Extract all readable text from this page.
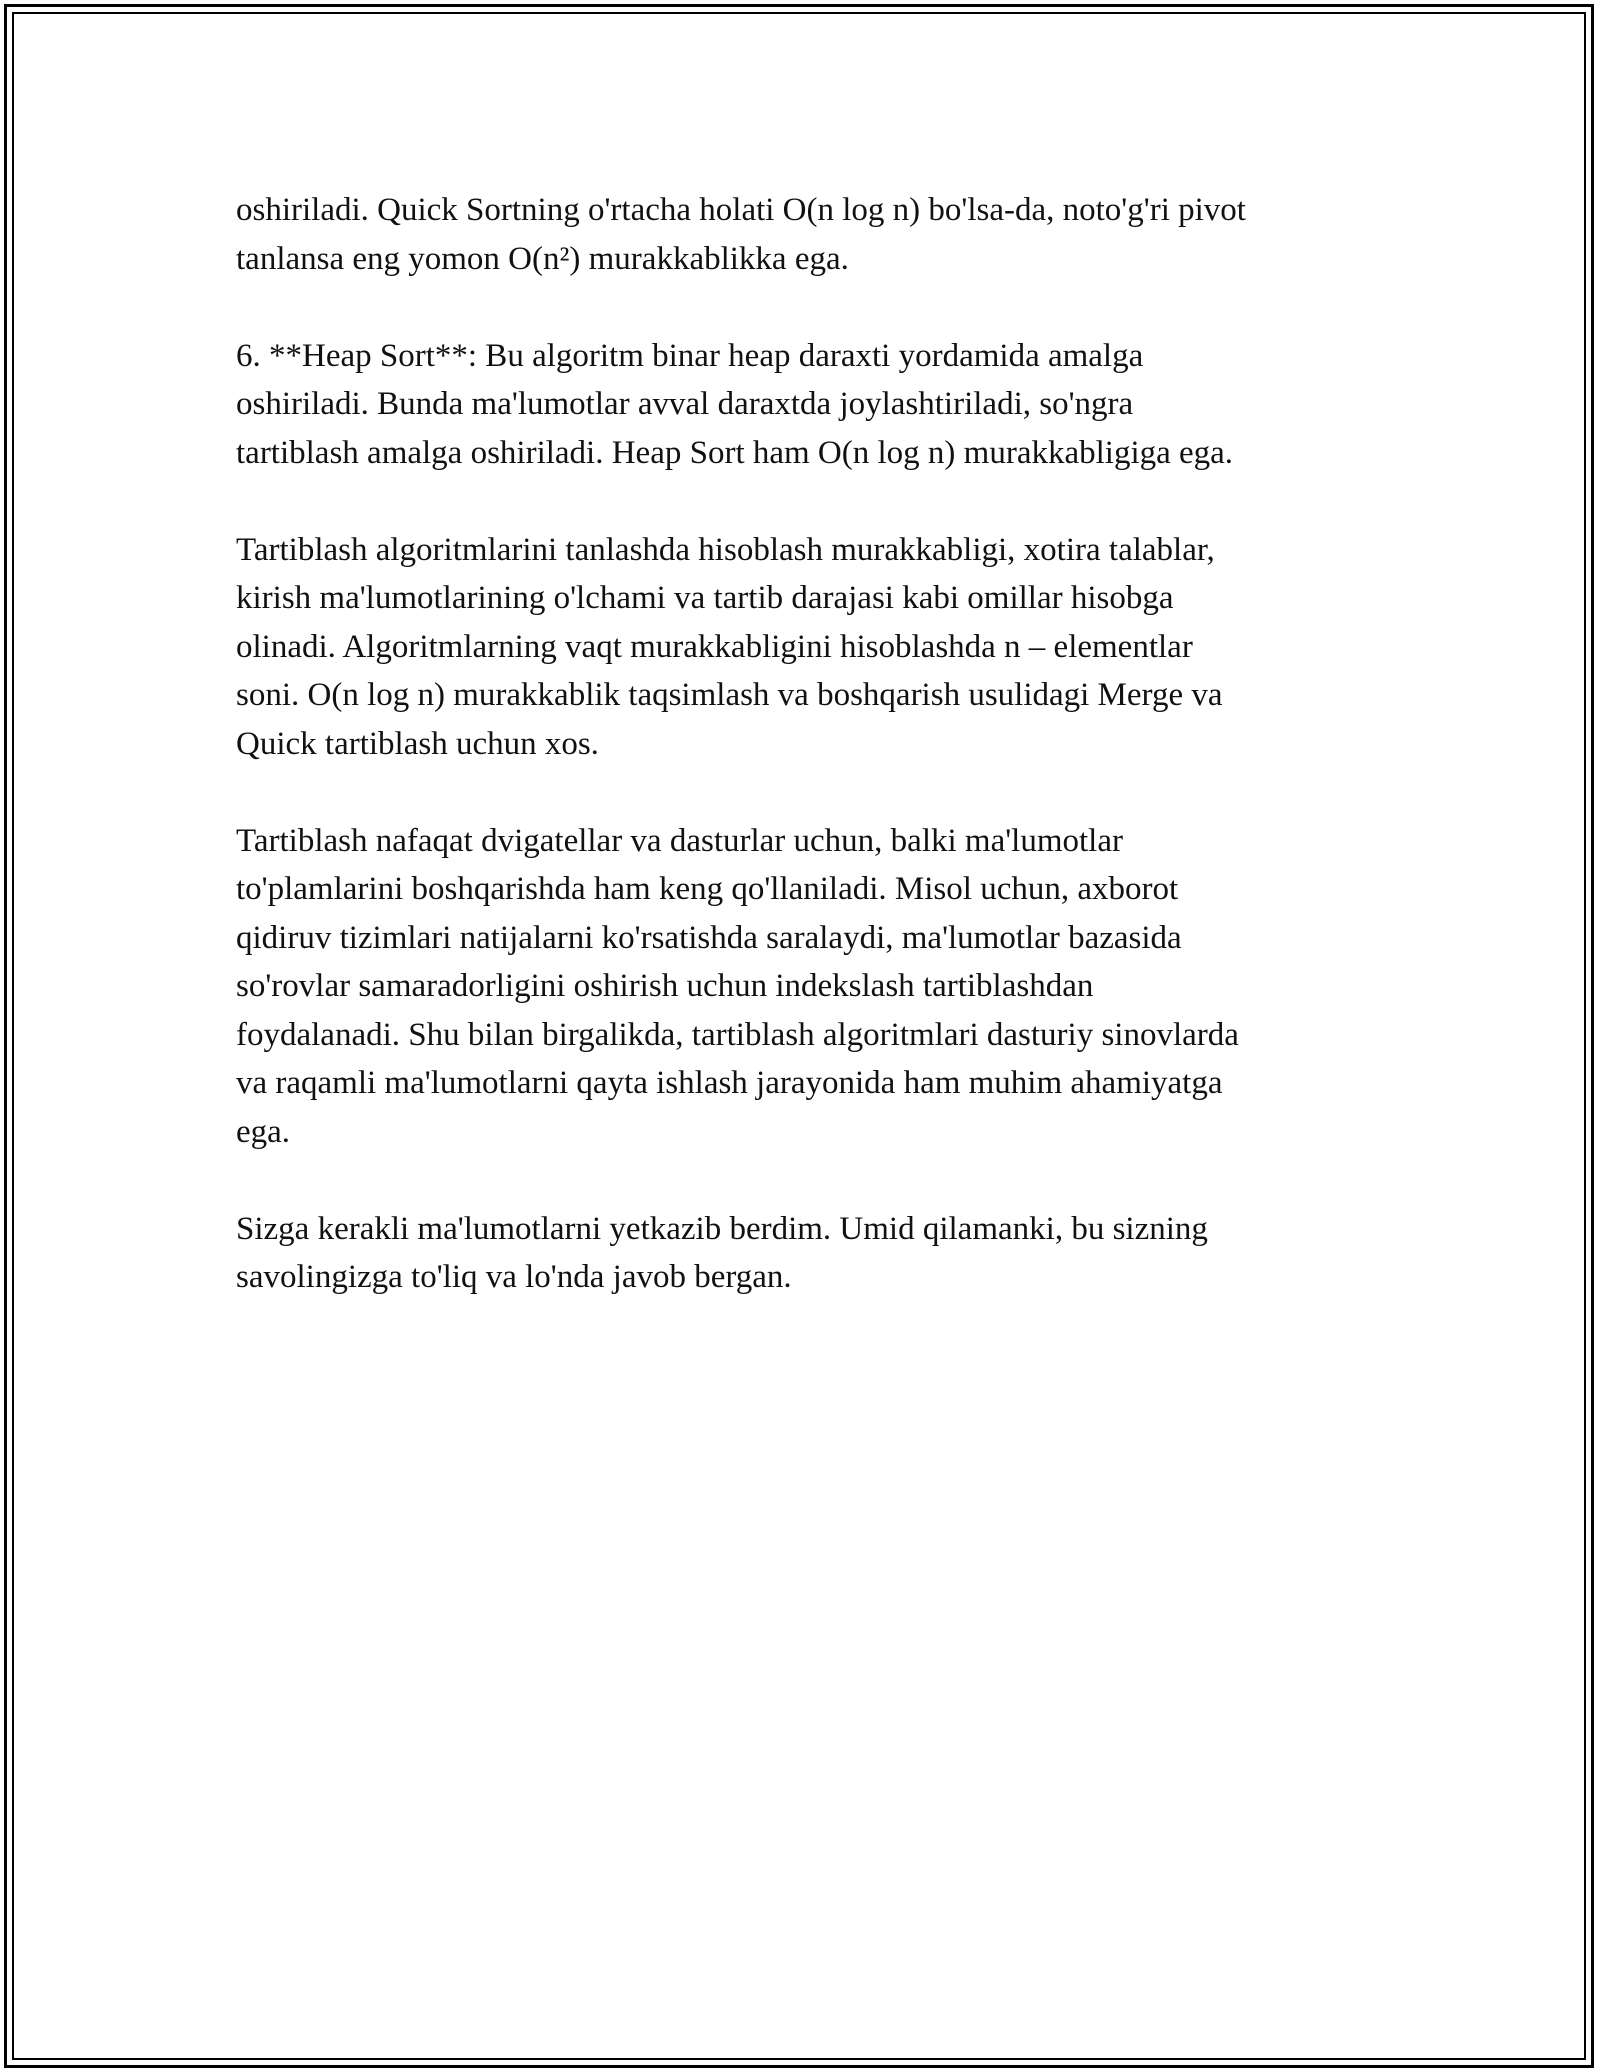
oshiriladi. Quick Sortning o'rtacha holati O(n log n) bo'lsa-da, noto'g'ri pivot
tanlansa eng yomon O(n²) murakkablikka ega.

6. **Heap Sort**: Bu algoritm binar heap daraxti yordamida amalga
oshiriladi. Bunda ma'lumotlar avval daraxtda joylashtiriladi, so'ngra
tartiblash amalga oshiriladi. Heap Sort ham O(n log n) murakkabligiga ega.

Tartiblash algoritmlarini tanlashda hisoblash murakkabligi, xotira talablar,
kirish ma'lumotlarining o'lchami va tartib darajasi kabi omillar hisobga
olinadi. Algoritmlarning vaqt murakkabligini hisoblashda n – elementlar
soni. O(n log n) murakkablik taqsimlash va boshqarish usulidagi Merge va
Quick tartiblash uchun xos.

Tartiblash nafaqat dvigatellar va dasturlar uchun, balki ma'lumotlar
to'plamlarini boshqarishda ham keng qo'llaniladi. Misol uchun, axborot
qidiruv tizimlari natijalarni ko'rsatishda saralaydi, ma'lumotlar bazasida
so'rovlar samaradorligini oshirish uchun indekslash tartiblashdan
foydalanadi. Shu bilan birgalikda, tartiblash algoritmlari dasturiy sinovlarda
va raqamli ma'lumotlarni qayta ishlash jarayonida ham muhim ahamiyatga
ega.

Sizga kerakli ma'lumotlarni yetkazib berdim. Umid qilamanki, bu sizning
savolingizga to'liq va lo'nda javob bergan.
